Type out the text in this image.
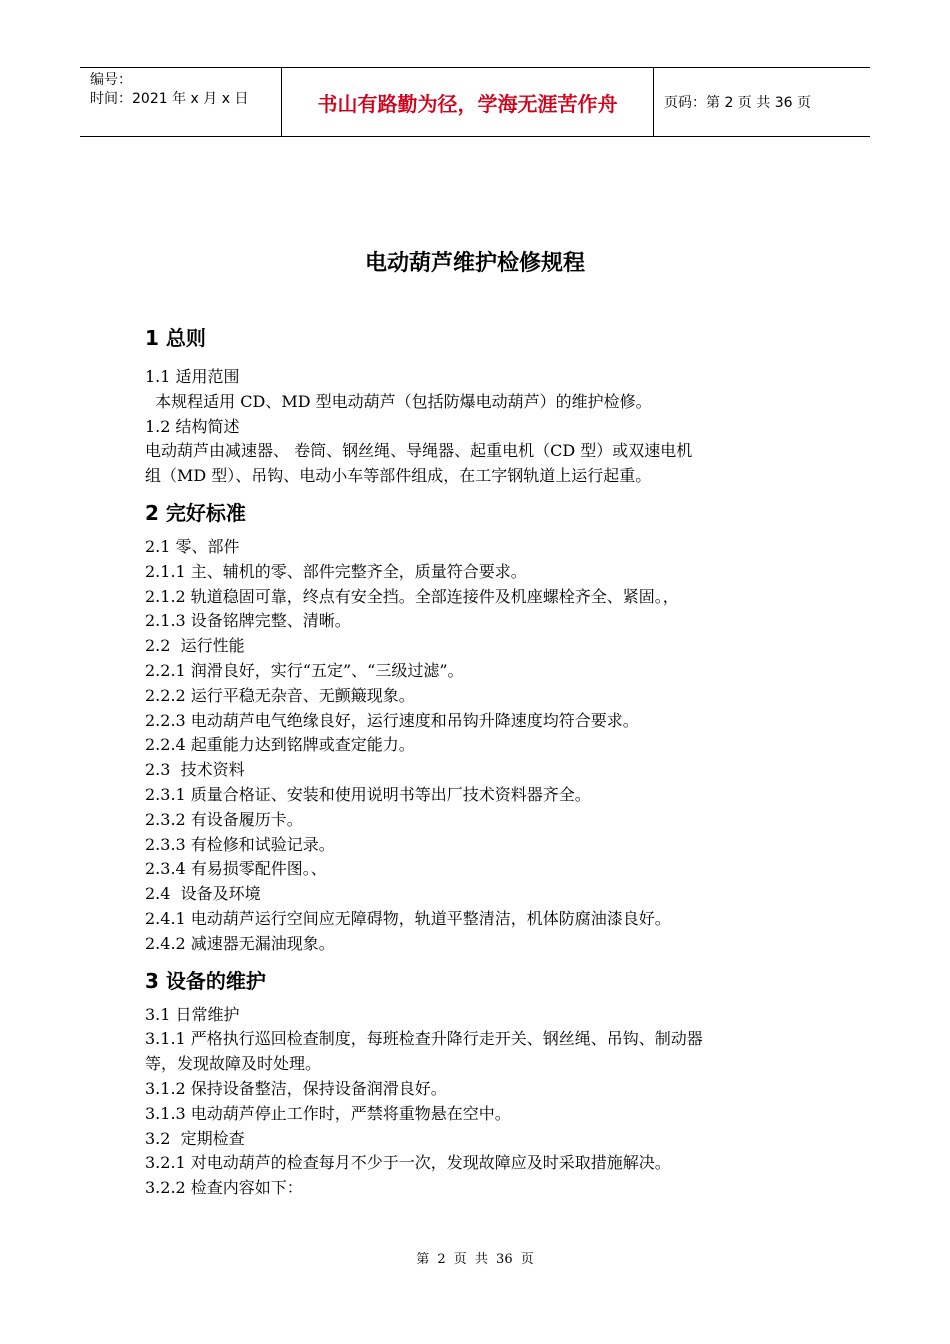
编号：
时间：2021 年 x 月 x 日	书山有路勤为径，学海无涯苦作舟	页码：第 2 页 共 36 页
电动葫芦维护检修规程
1 总则

1.1 适用范围

本规程适用 CD、MD 型电动葫芦（包括防爆电动葫芦）的维护检修。

1.2 结构简述

电动葫芦由减速器、 卷筒、钢丝绳、导绳器、起重电机（CD 型）或双速电机

组（MD 型）、吊钩、电动小车等部件组成，在工字钢轨道上运行起重。

2 完好标准

2.1 零、部件

2.1.1 主、辅机的零、部件完整齐全，质量符合要求。

2.1.2 轨道稳固可靠，终点有安全挡。全部连接件及机座螺栓齐全、紧固。，

2.1.3 设备铭牌完整、清晰。

2.2  运行性能

2.2.1 润滑良好，实行“五定”、“三级过滤”。

2.2.2 运行平稳无杂音、无颤簸现象。

2.2.3 电动葫芦电气绝缘良好，运行速度和吊钩升降速度均符合要求。

2.2.4 起重能力达到铭牌或查定能力。

2.3  技术资料

2.3.1 质量合格证、安装和使用说明书等出厂技术资料器齐全。

2.3.2 有设备履历卡。

2.3.3 有检修和试验记录。

2.3.4 有易损零配件图。、

2.4  设备及环境

2.4.1 电动葫芦运行空间应无障碍物，轨道平整清洁，机体防腐油漆良好。

2.4.2 减速器无漏油现象。

3 设备的维护

3.1 日常维护

3.1.1 严格执行巡回检查制度，每班检查升降行走开关、钢丝绳、吊钩、制动器

等，发现故障及时处理。

3.1.2 保持设备整洁，保持设备润滑良好。

3.1.3 电动葫芦停止工作时，严禁将重物悬在空中。

3.2  定期检查

3.2.1 对电动葫芦的检查每月不少于一次，发现故障应及时采取措施解决。

3.2.2 检查内容如下：

第 2 页 共 36 页
